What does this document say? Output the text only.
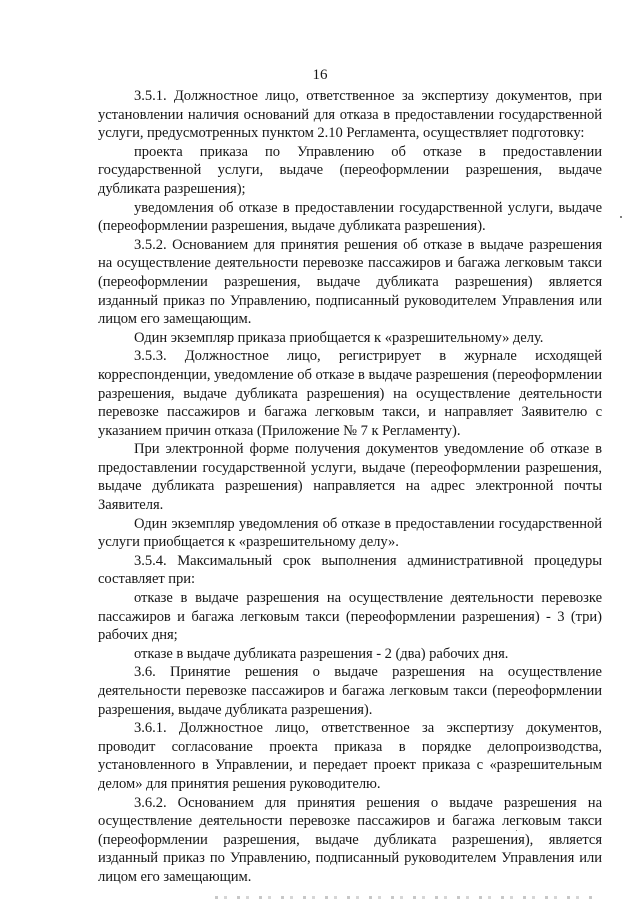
16

3.5.1. Должностное лицо, ответственное за экспертизу документов, при установлении наличия оснований для отказа в предоставлении государственной услуги, предусмотренных пунктом 2.10 Регламента, осуществляет подготовку:

проекта приказа по Управлению об отказе в предоставлении государственной услуги, выдаче (переоформлении разрешения, выдаче дубликата разрешения);

уведомления об отказе в предоставлении государственной услуги, выдаче (переоформлении разрешения, выдаче дубликата разрешения).

3.5.2. Основанием для принятия решения об отказе в выдаче разрешения на осуществление деятельности перевозке пассажиров и багажа легковым такси (переоформлении разрешения, выдаче дубликата разрешения) является изданный приказ по Управлению, подписанный руководителем Управления или лицом его замещающим.

Один экземпляр приказа приобщается к «разрешительному» делу.

3.5.3. Должностное лицо, регистрирует в журнале исходящей корреспонденции, уведомление об отказе в выдаче разрешения (переоформлении разрешения, выдаче дубликата разрешения) на осуществление деятельности перевозке пассажиров и багажа легковым такси, и направляет Заявителю с указанием причин отказа (Приложение № 7 к Регламенту).

При электронной форме получения документов уведомление об отказе в предоставлении государственной услуги, выдаче (переоформлении разрешения, выдаче дубликата разрешения) направляется на адрес электронной почты Заявителя.

Один экземпляр уведомления об отказе в предоставлении государственной услуги приобщается к «разрешительному делу».

3.5.4. Максимальный срок выполнения административной процедуры составляет при:

отказе в выдаче разрешения на осуществление деятельности перевозке пассажиров и багажа легковым такси (переоформлении разрешения) - 3 (три) рабочих дня;

отказе в выдаче дубликата разрешения - 2 (два) рабочих дня.

3.6. Принятие решения о выдаче разрешения на осуществление деятельности перевозке пассажиров и багажа легковым такси (переоформлении разрешения, выдаче дубликата разрешения).

3.6.1. Должностное лицо, ответственное за экспертизу документов, проводит согласование проекта приказа в порядке делопроизводства, установленного в Управлении, и передает проект приказа с «разрешительным делом» для принятия решения руководителю.

3.6.2. Основанием для принятия решения о выдаче разрешения на осуществление деятельности перевозке пассажиров и багажа легковым такси (переоформлении разрешения, выдаче дубликата разрешения), является изданный приказ по Управлению, подписанный руководителем Управления или лицом его замещающим.
